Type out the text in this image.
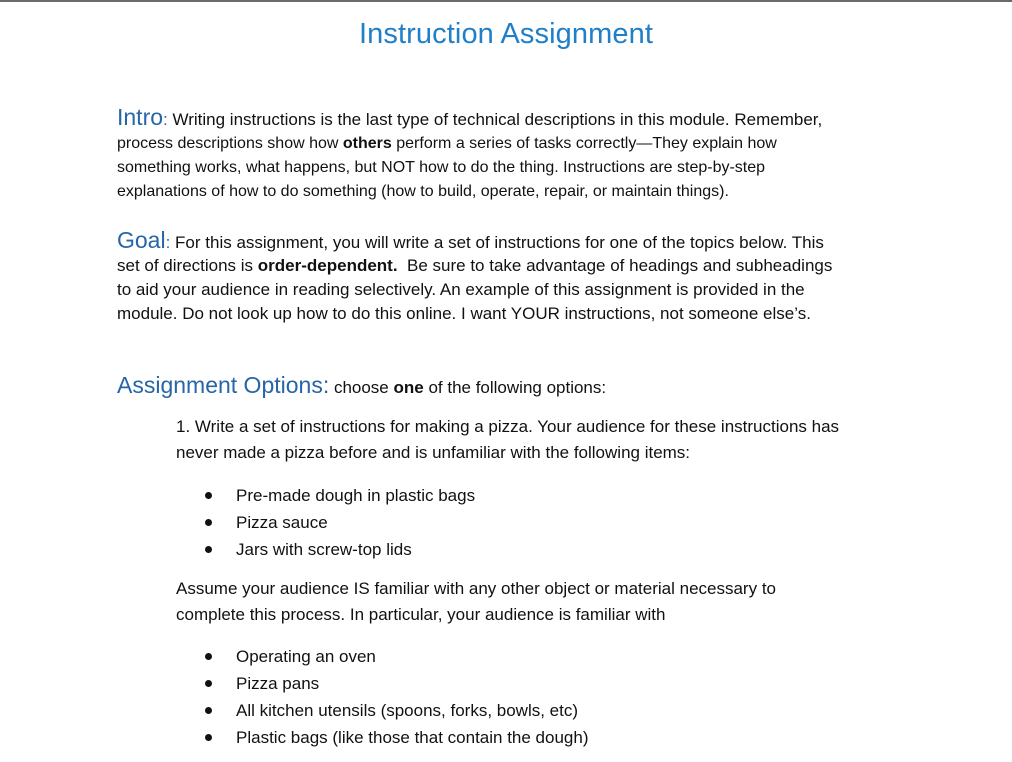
Instruction Assignment
Intro: Writing instructions is the last type of technical descriptions in this module. Remember,
process descriptions show how others perform a series of tasks correctly—They explain how
something works, what happens, but NOT how to do the thing. Instructions are step-by-step
explanations of how to do something (how to build, operate, repair, or maintain things).
Goal: For this assignment, you will write a set of instructions for one of the topics below. This
set of directions is order-dependent.  Be sure to take advantage of headings and subheadings
to aid your audience in reading selectively. An example of this assignment is provided in the
module. Do not look up how to do this online. I want YOUR instructions, not someone else’s.
Assignment Options: choose one of the following options:
1. Write a set of instructions for making a pizza. Your audience for these instructions has
never made a pizza before and is unfamiliar with the following items:
Pre-made dough in plastic bags
Pizza sauce
Jars with screw-top lids
Assume your audience IS familiar with any other object or material necessary to
complete this process. In particular, your audience is familiar with
Operating an oven
Pizza pans
All kitchen utensils (spoons, forks, bowls, etc)
Plastic bags (like those that contain the dough)
